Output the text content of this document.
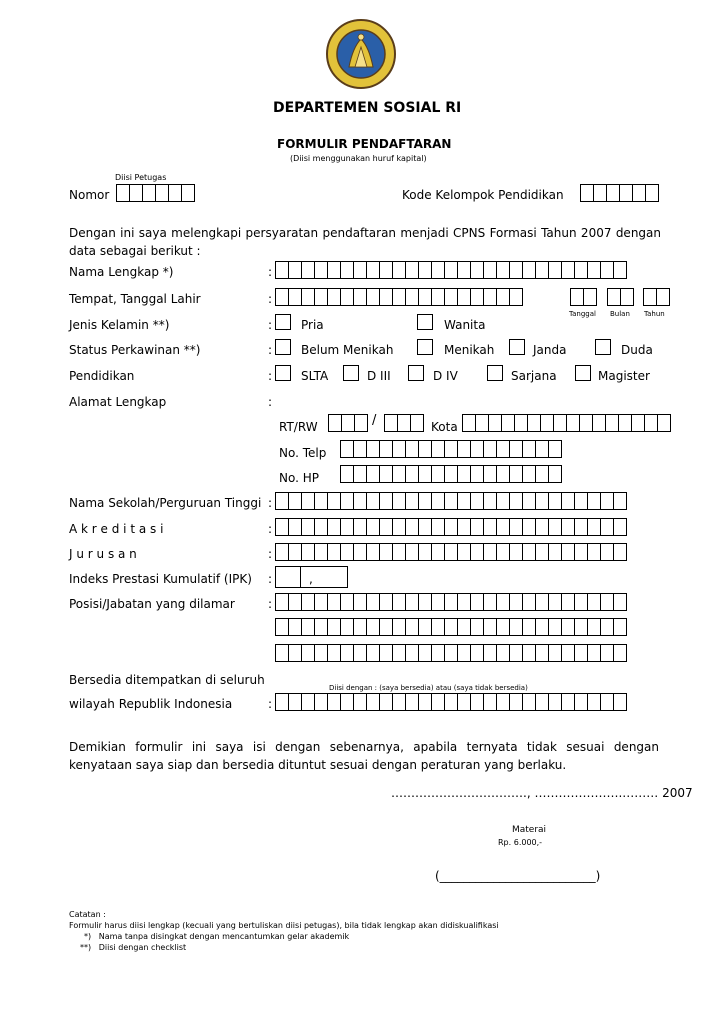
DEPARTEMEN SOSIAL RI
FORMULIR PENDAFTARAN
(Diisi menggunakan huruf kapital)
Diisi Petugas
Nomor	Kode Kelompok Pendidikan
Dengan ini saya melengkapi persyaratan pendaftaran menjadi CPNS Formasi Tahun 2007 dengan data sebagai berikut :
Nama Lengkap *)	:
Tempat, Tanggal Lahir	:
Tanggal Bulan Tahun
Jenis Kelamin **)	: Pria	Wanita
Status Perkawinan **)	: Belum Menikah	Menikah	Janda	Duda
Pendidikan	: SLTA	D III	D IV	Sarjana	Magister
Alamat Lengkap	:
RT/RW	/	Kota
No. Telp
No. HP
Nama Sekolah/Perguruan Tinggi :
A k r e d i t a s i	:
J u r u s a n	:
Indeks Prestasi Kumulatif (IPK) :	,
Posisi/Jabatan yang dilamar	:
Bersedia ditempatkan di seluruh
Diisi dengan : (saya bersedia) atau (saya tidak bersedia)
wilayah Republik Indonesia	:
Demikian formulir ini saya isi dengan sebenarnya, apabila ternyata tidak sesuai dengan kenyataan saya siap dan bersedia dituntut sesuai dengan peraturan yang berlaku.
……………………………., ………………….……… 2007
Materai
Rp. 6.000,-
(__________________________)
Catatan :
Formulir harus diisi lengkap (kecuali yang bertuliskan diisi petugas), bila tidak lengkap akan didiskualifikasi
*)   Nama tanpa disingkat dengan mencantumkan gelar akademik
**)   Diisi dengan checklist
